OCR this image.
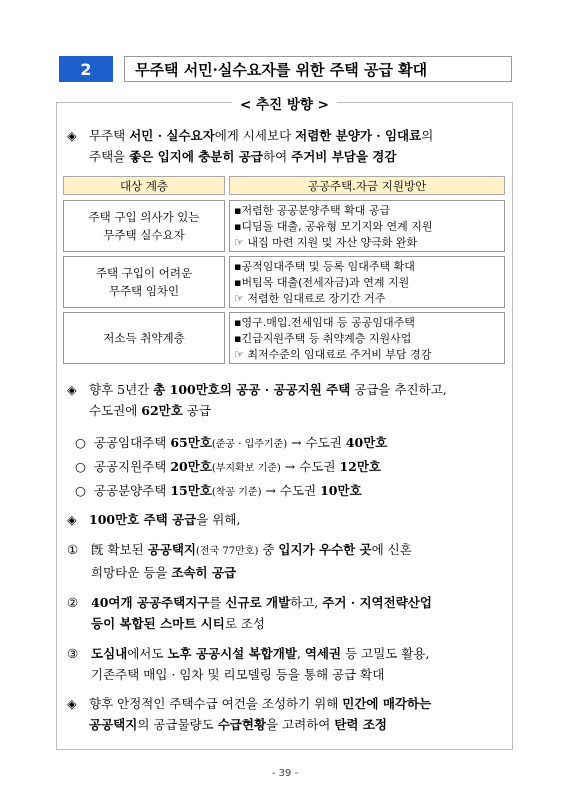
2	무주택 서민·실수요자를 위한 주택 공급 확대
< 추진 방향 >
◈ 무주택 서민 · 실수요자에게 시세보다 저렴한 분양가 · 임대료의
주택을 좋은 입지에 충분히 공급하여 주거비 부담을 경감
대상 계층	공공주택.자금 지원방안
주택 구입 의사가 있는
무주택 실수요자
▪저렴한 공공분양주택 확대 공급
▪디딤돌 대출, 공유형 모기지와 연계 지원
☞ 내집 마련 지원 및 자산 양극화 완화
주택 구입이 어려운
무주택 임차인
▪공적임대주택 및 등록 임대주택 확대
▪버팀목 대출(전세자금)과 연계 지원
☞ 저렴한 임대료로 장기간 거주
저소득 취약계층
▪영구.매입.전세임대 등 공공임대주택
▪긴급지원주택 등 취약계층 지원사업
☞ 최저수준의 임대료로 주거비 부담 경감
◈ 향후 5년간 총 100만호의 공공 · 공공지원 주택 공급을 추진하고,
수도권에 62만호 공급
○ 공공임대주택 65만호(준공 · 입주기준) → 수도권 40만호
○ 공공지원주택 20만호(부지확보 기준) → 수도권 12만호
○ 공공분양주택 15만호(착공 기준) → 수도권 10만호
◈ 100만호 주택 공급을 위해,
① 旣 확보된 공공택지(전국 77만호) 중 입지가 우수한 곳에 신혼
희망타운 등을 조속히 공급
② 40여개 공공주택지구를 신규로 개발하고, 주거 · 지역전략산업
등이 복합된 스마트 시티로 조성
③ 도심내에서도 노후 공공시설 복합개발, 역세권 등 고밀도 활용,
기존주택 매입 · 임차 및 리모델링 등을 통해 공급 확대
◈ 향후 안정적인 주택수급 여건을 조성하기 위해 민간에 매각하는
공공택지의 공급물량도 수급현황을 고려하여 탄력 조정
- 39 -
